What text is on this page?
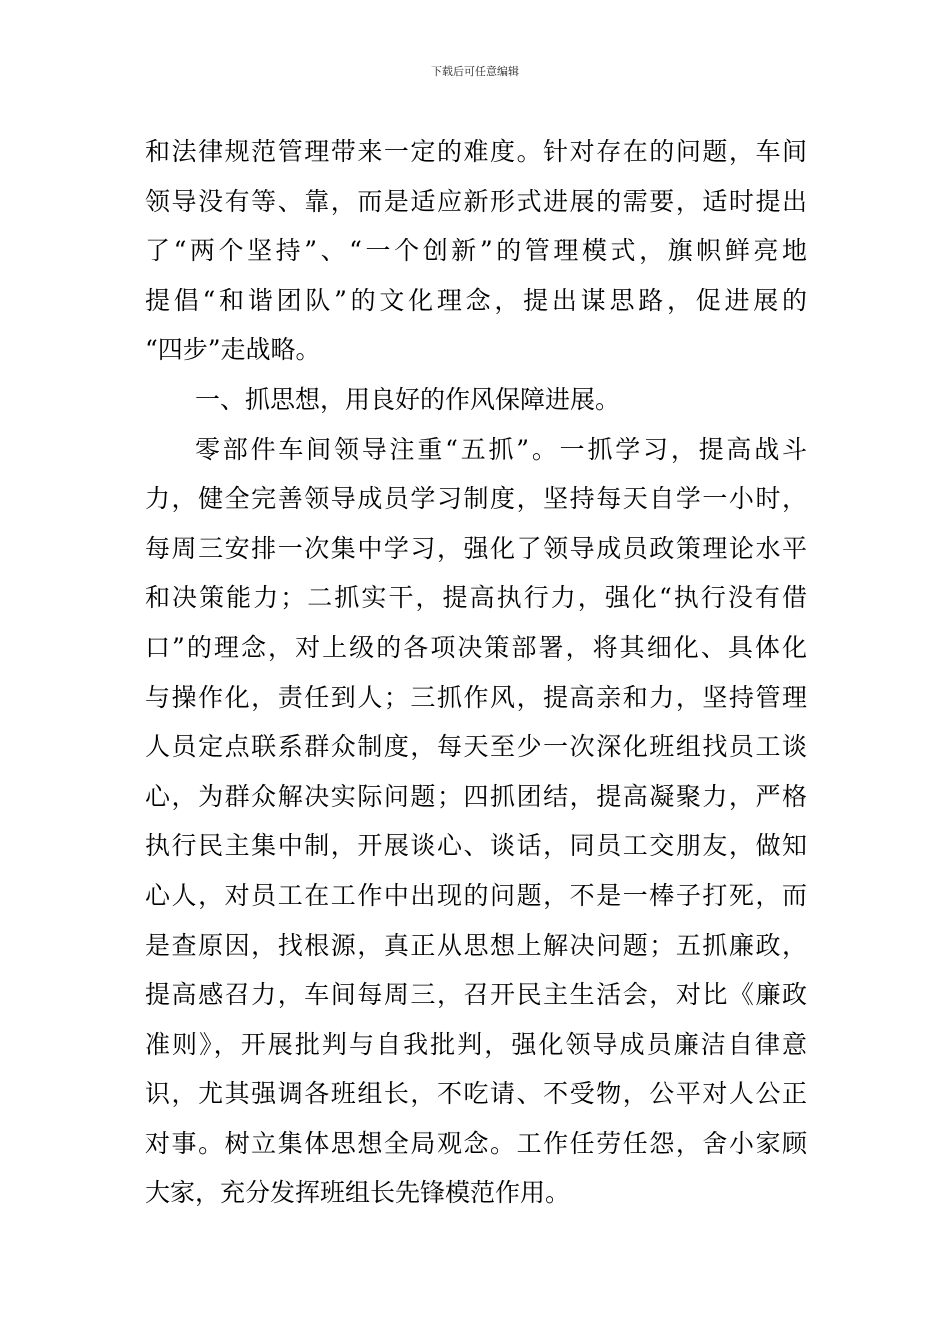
下载后可任意编辑
和法律规范管理带来一定的难度。针对存在的问题，车间
领导没有等、靠，而是适应新形式进展的需要，适时提出
了“两个坚持”、“一个创新”的管理模式，旗帜鲜亮地
提倡“和谐团队”的文化理念，提出谋思路，促进展的
“四步”走战略。
一、抓思想，用良好的作风保障进展。
零部件车间领导注重“五抓”。一抓学习，提高战斗
力，健全完善领导成员学习制度，坚持每天自学一小时，
每周三安排一次集中学习，强化了领导成员政策理论水平
和决策能力；二抓实干，提高执行力，强化“执行没有借
口”的理念，对上级的各项决策部署，将其细化、具体化
与操作化，责任到人；三抓作风，提高亲和力，坚持管理
人员定点联系群众制度，每天至少一次深化班组找员工谈
心，为群众解决实际问题；四抓团结，提高凝聚力，严格
执行民主集中制，开展谈心、谈话，同员工交朋友，做知
心人，对员工在工作中出现的问题，不是一棒子打死，而
是查原因，找根源，真正从思想上解决问题；五抓廉政，
提高感召力，车间每周三，召开民主生活会，对比《廉政
准则》，开展批判与自我批判，强化领导成员廉洁自律意
识，尤其强调各班组长，不吃请、不受物，公平对人公正
对事。树立集体思想全局观念。工作任劳任怨，舍小家顾
大家，充分发挥班组长先锋模范作用。
